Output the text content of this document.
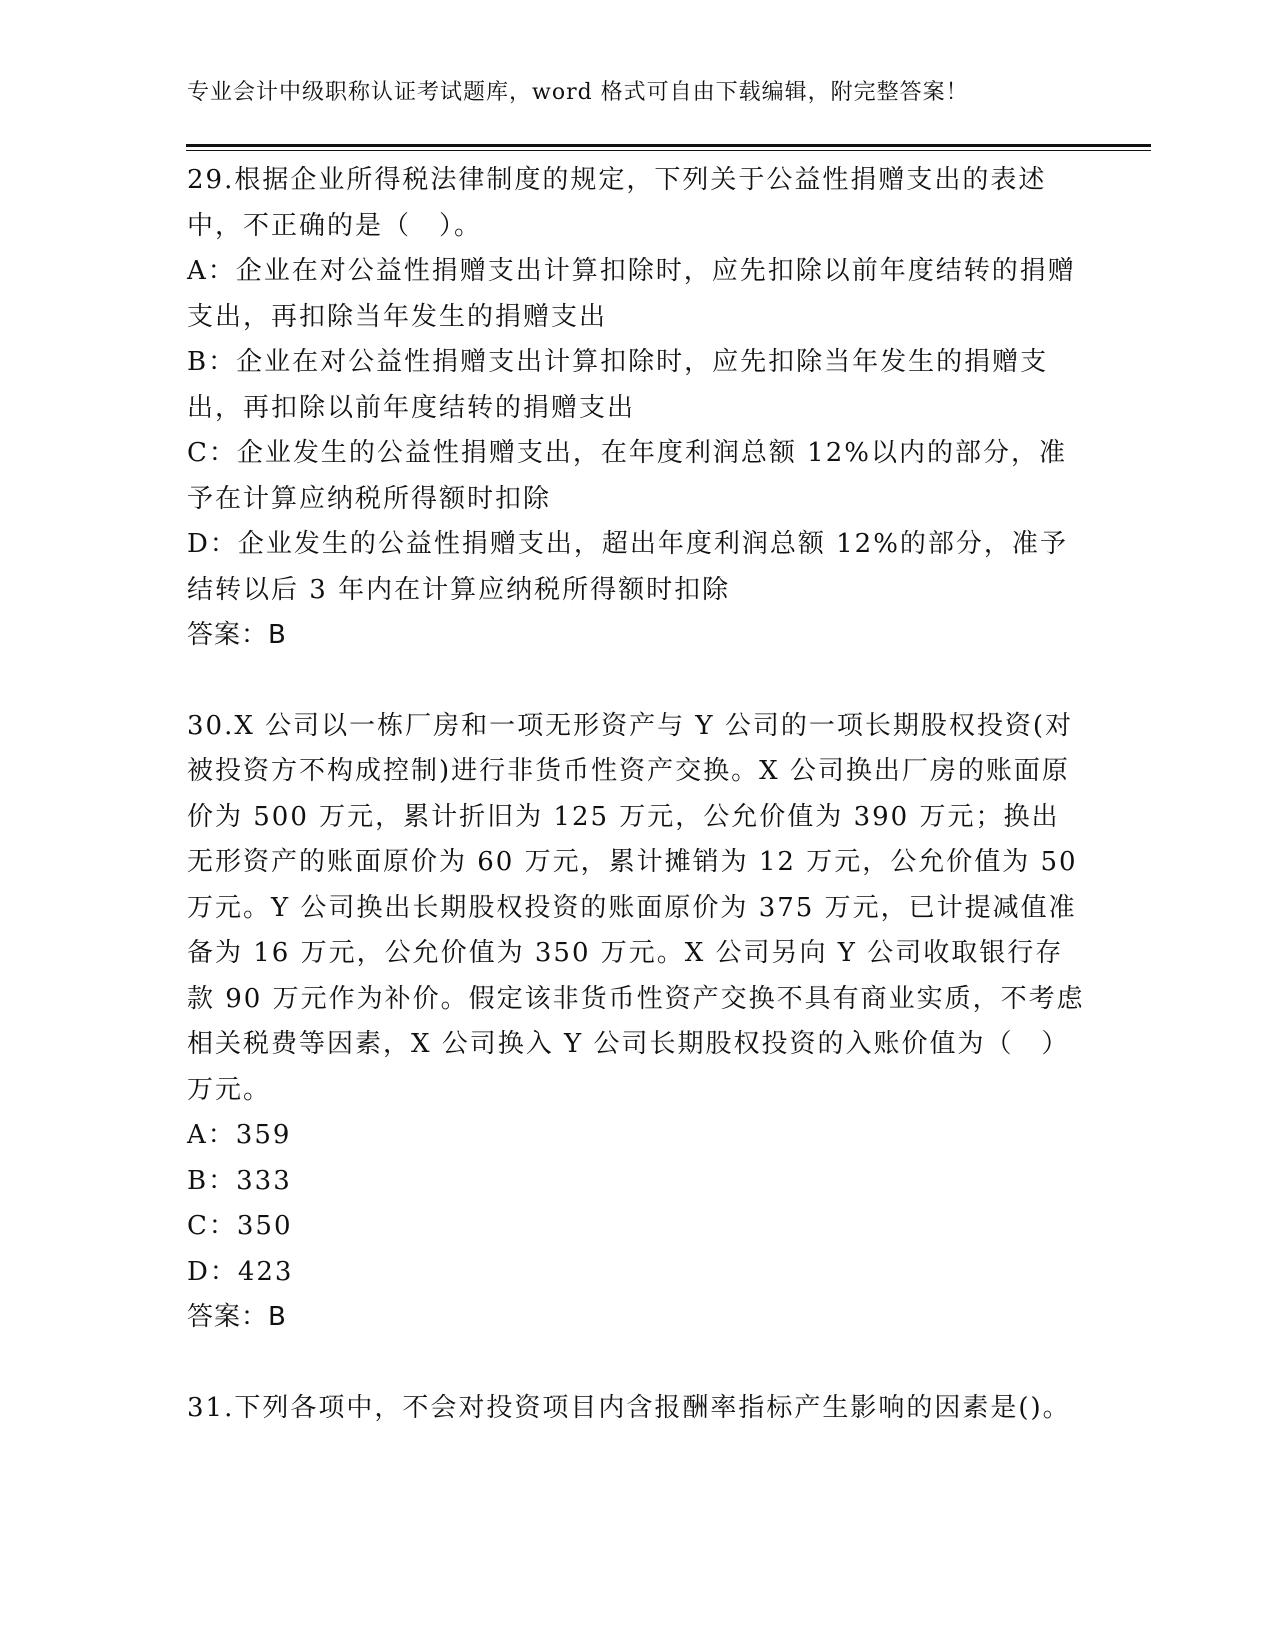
专业会计中级职称认证考试题库，word 格式可自由下载编辑，附完整答案！

29.根据企业所得税法律制度的规定，下列关于公益性捐赠支出的表述中，不正确的是（　）。

A：企业在对公益性捐赠支出计算扣除时，应先扣除以前年度结转的捐赠支出，再扣除当年发生的捐赠支出

B：企业在对公益性捐赠支出计算扣除时，应先扣除当年发生的捐赠支出，再扣除以前年度结转的捐赠支出

C：企业发生的公益性捐赠支出，在年度利润总额 12%以内的部分，准予在计算应纳税所得额时扣除

D：企业发生的公益性捐赠支出，超出年度利润总额 12%的部分，准予结转以后 3 年内在计算应纳税所得额时扣除

答案：B

30.X 公司以一栋厂房和一项无形资产与 Y 公司的一项长期股权投资(对被投资方不构成控制)进行非货币性资产交换。X 公司换出厂房的账面原价为 500 万元，累计折旧为 125 万元，公允价值为 390 万元；换出无形资产的账面原价为 60 万元，累计摊销为 12 万元，公允价值为 50 万元。Y 公司换出长期股权投资的账面原价为 375 万元，已计提减值准备为 16 万元，公允价值为 350 万元。X 公司另向 Y 公司收取银行存款 90 万元作为补价。假定该非货币性资产交换不具有商业实质，不考虑相关税费等因素，X 公司换入 Y 公司长期股权投资的入账价值为（　）万元。

A：359

B：333

C：350

D：423

答案：B

31.下列各项中，不会对投资项目内含报酬率指标产生影响的因素是()。
